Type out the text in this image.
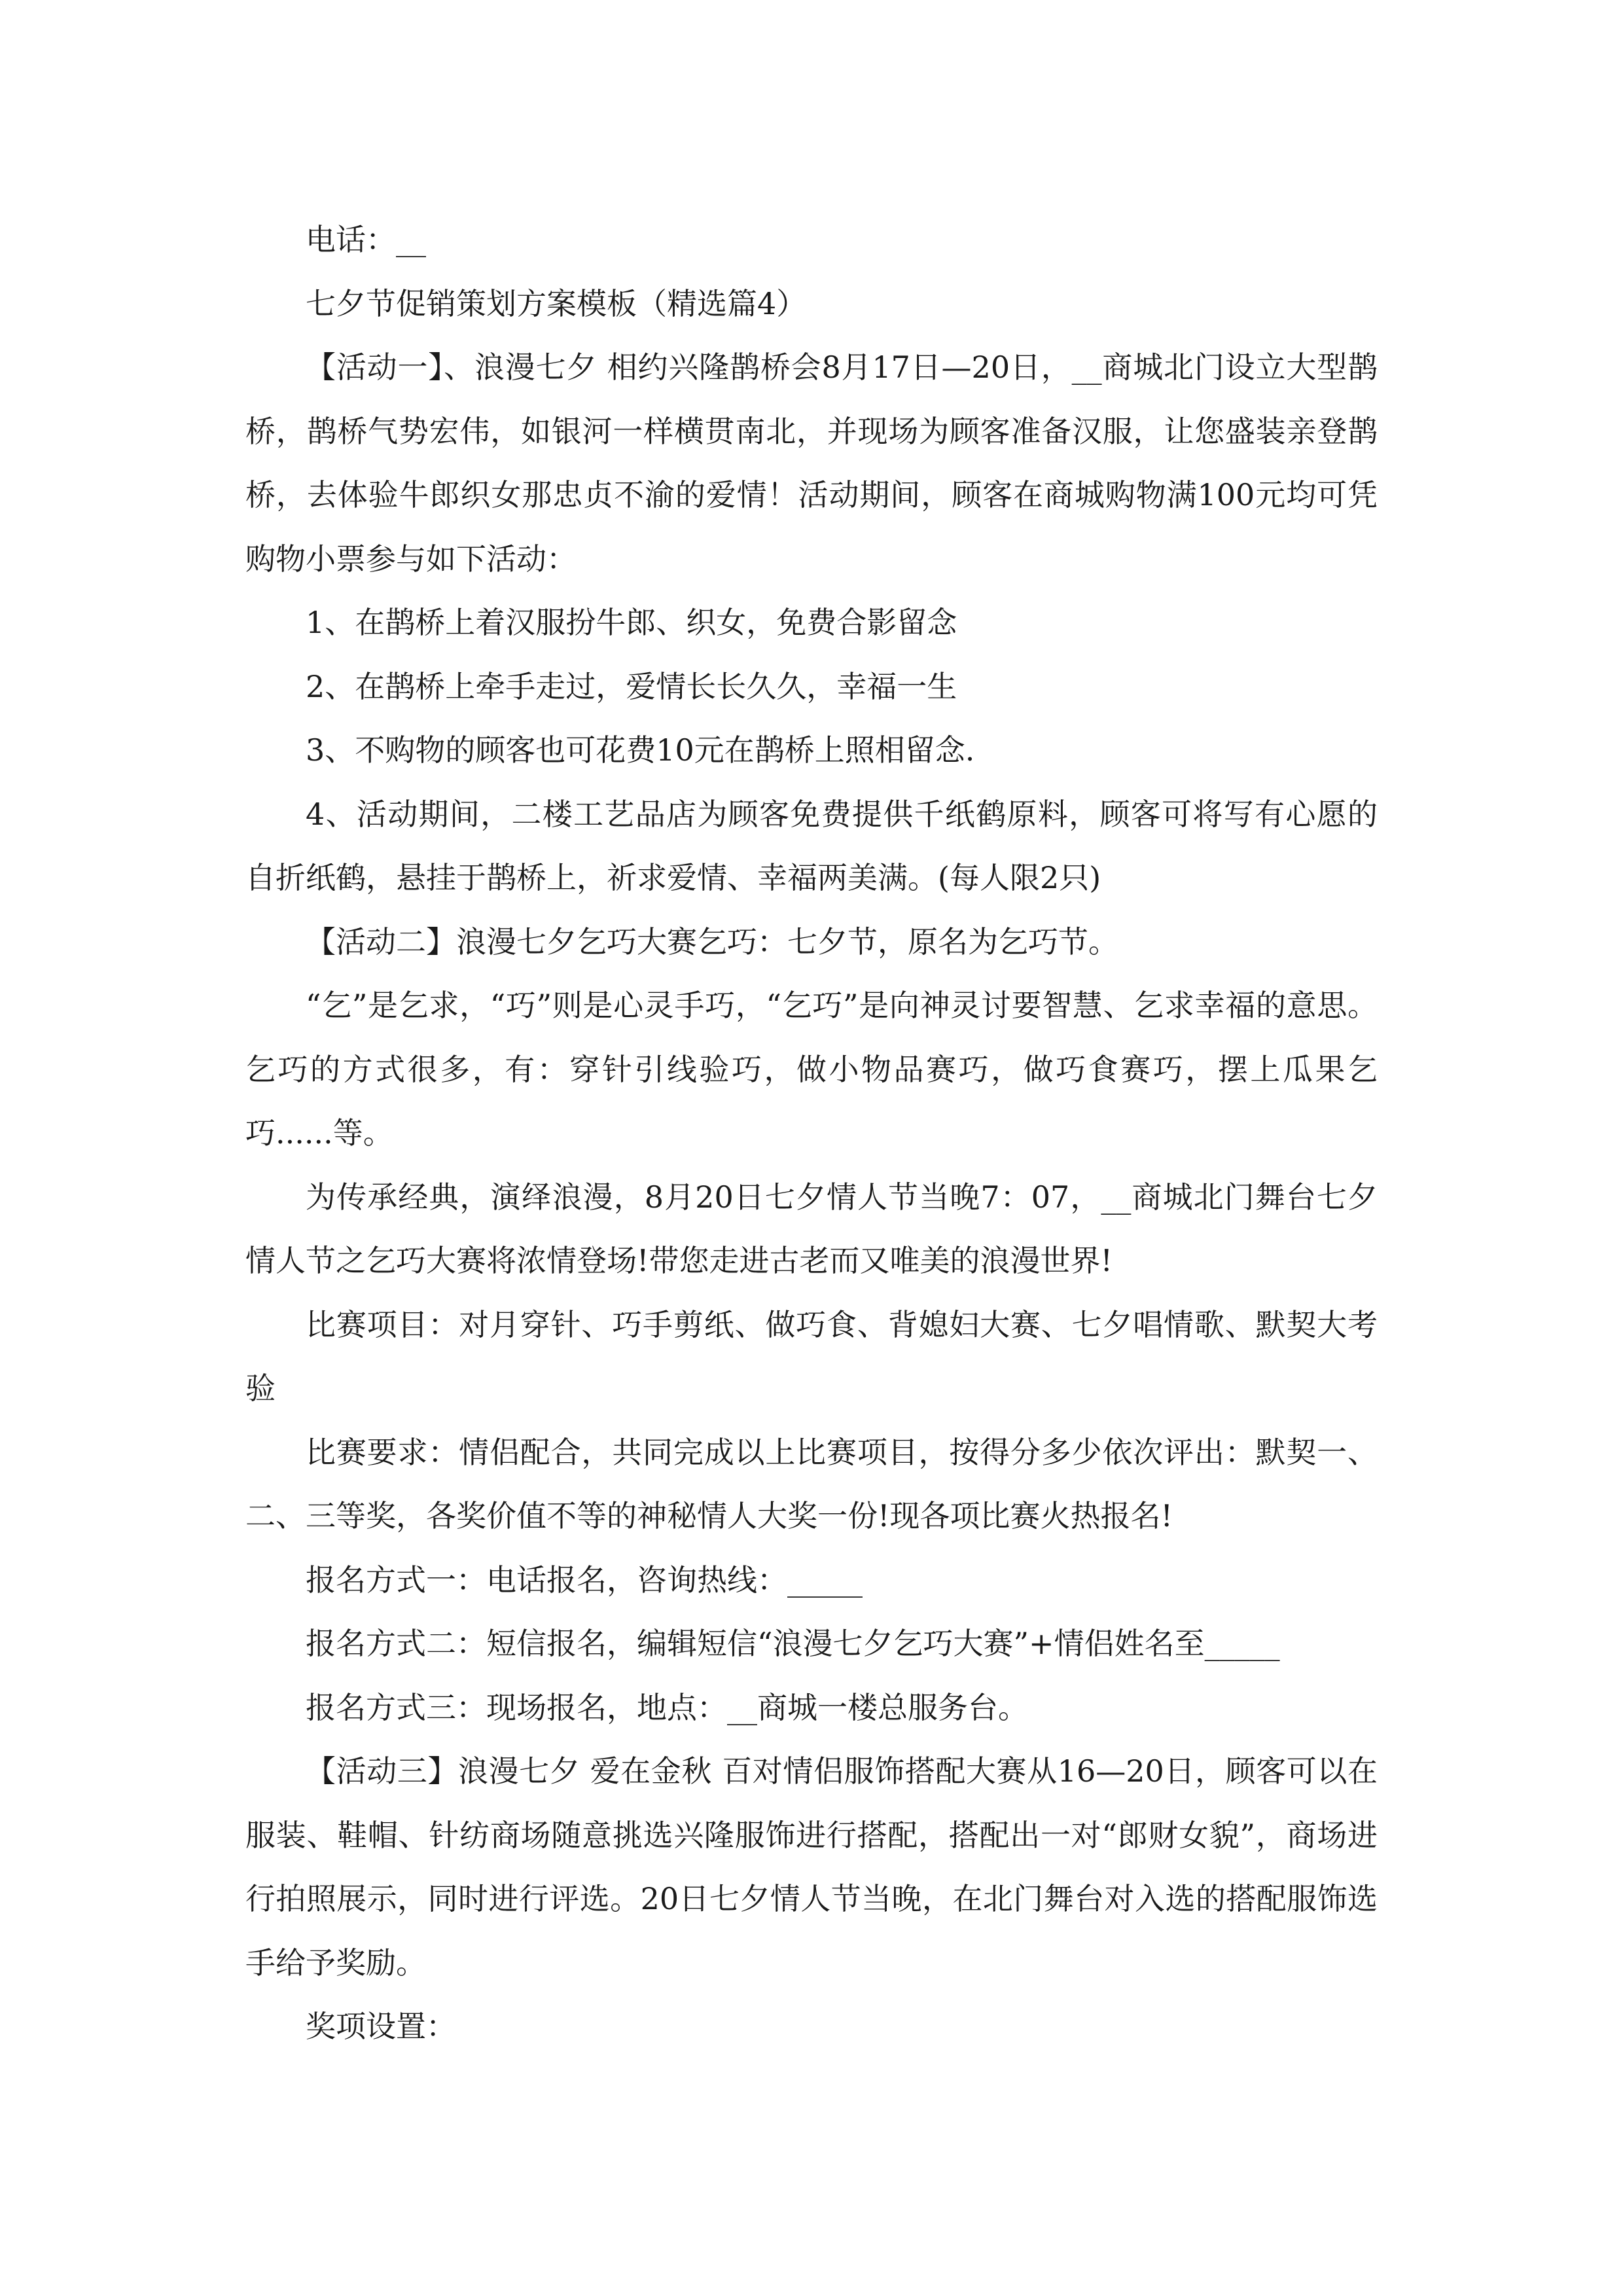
电话：__

七夕节促销策划方案模板（精选篇4）

【活动一】、浪漫七夕 相约兴隆鹊桥会8月17日—20日，__商城北门设立大型鹊桥，鹊桥气势宏伟，如银河一样横贯南北，并现场为顾客准备汉服，让您盛装亲登鹊桥，去体验牛郎织女那忠贞不渝的爱情！活动期间，顾客在商城购物满100元均可凭购物小票参与如下活动：

1、在鹊桥上着汉服扮牛郎、织女，免费合影留念

2、在鹊桥上牵手走过，爱情长长久久，幸福一生

3、不购物的顾客也可花费10元在鹊桥上照相留念.

4、活动期间，二楼工艺品店为顾客免费提供千纸鹤原料，顾客可将写有心愿的自折纸鹤，悬挂于鹊桥上，祈求爱情、幸福两美满。(每人限2只)

【活动二】浪漫七夕乞巧大赛乞巧：七夕节，原名为乞巧节。

“乞”是乞求，“巧”则是心灵手巧，“乞巧”是向神灵讨要智慧、乞求幸福的意思。乞巧的方式很多，有：穿针引线验巧，做小物品赛巧，做巧食赛巧，摆上瓜果乞巧......等。

为传承经典，演绎浪漫，8月20日七夕情人节当晚7：07，__商城北门舞台七夕情人节之乞巧大赛将浓情登场!带您走进古老而又唯美的浪漫世界!

比赛项目：对月穿针、巧手剪纸、做巧食、背媳妇大赛、七夕唱情歌、默契大考验

比赛要求：情侣配合，共同完成以上比赛项目，按得分多少依次评出：默契一、二、三等奖，各奖价值不等的神秘情人大奖一份!现各项比赛火热报名!

报名方式一：电话报名，咨询热线：_____

报名方式二：短信报名，编辑短信“浪漫七夕乞巧大赛”+情侣姓名至_____

报名方式三：现场报名，地点：__商城一楼总服务台。

【活动三】浪漫七夕 爱在金秋 百对情侣服饰搭配大赛从16—20日，顾客可以在服装、鞋帽、针纺商场随意挑选兴隆服饰进行搭配，搭配出一对“郎财女貌”，商场进行拍照展示，同时进行评选。20日七夕情人节当晚，在北门舞台对入选的搭配服饰选手给予奖励。

奖项设置：
